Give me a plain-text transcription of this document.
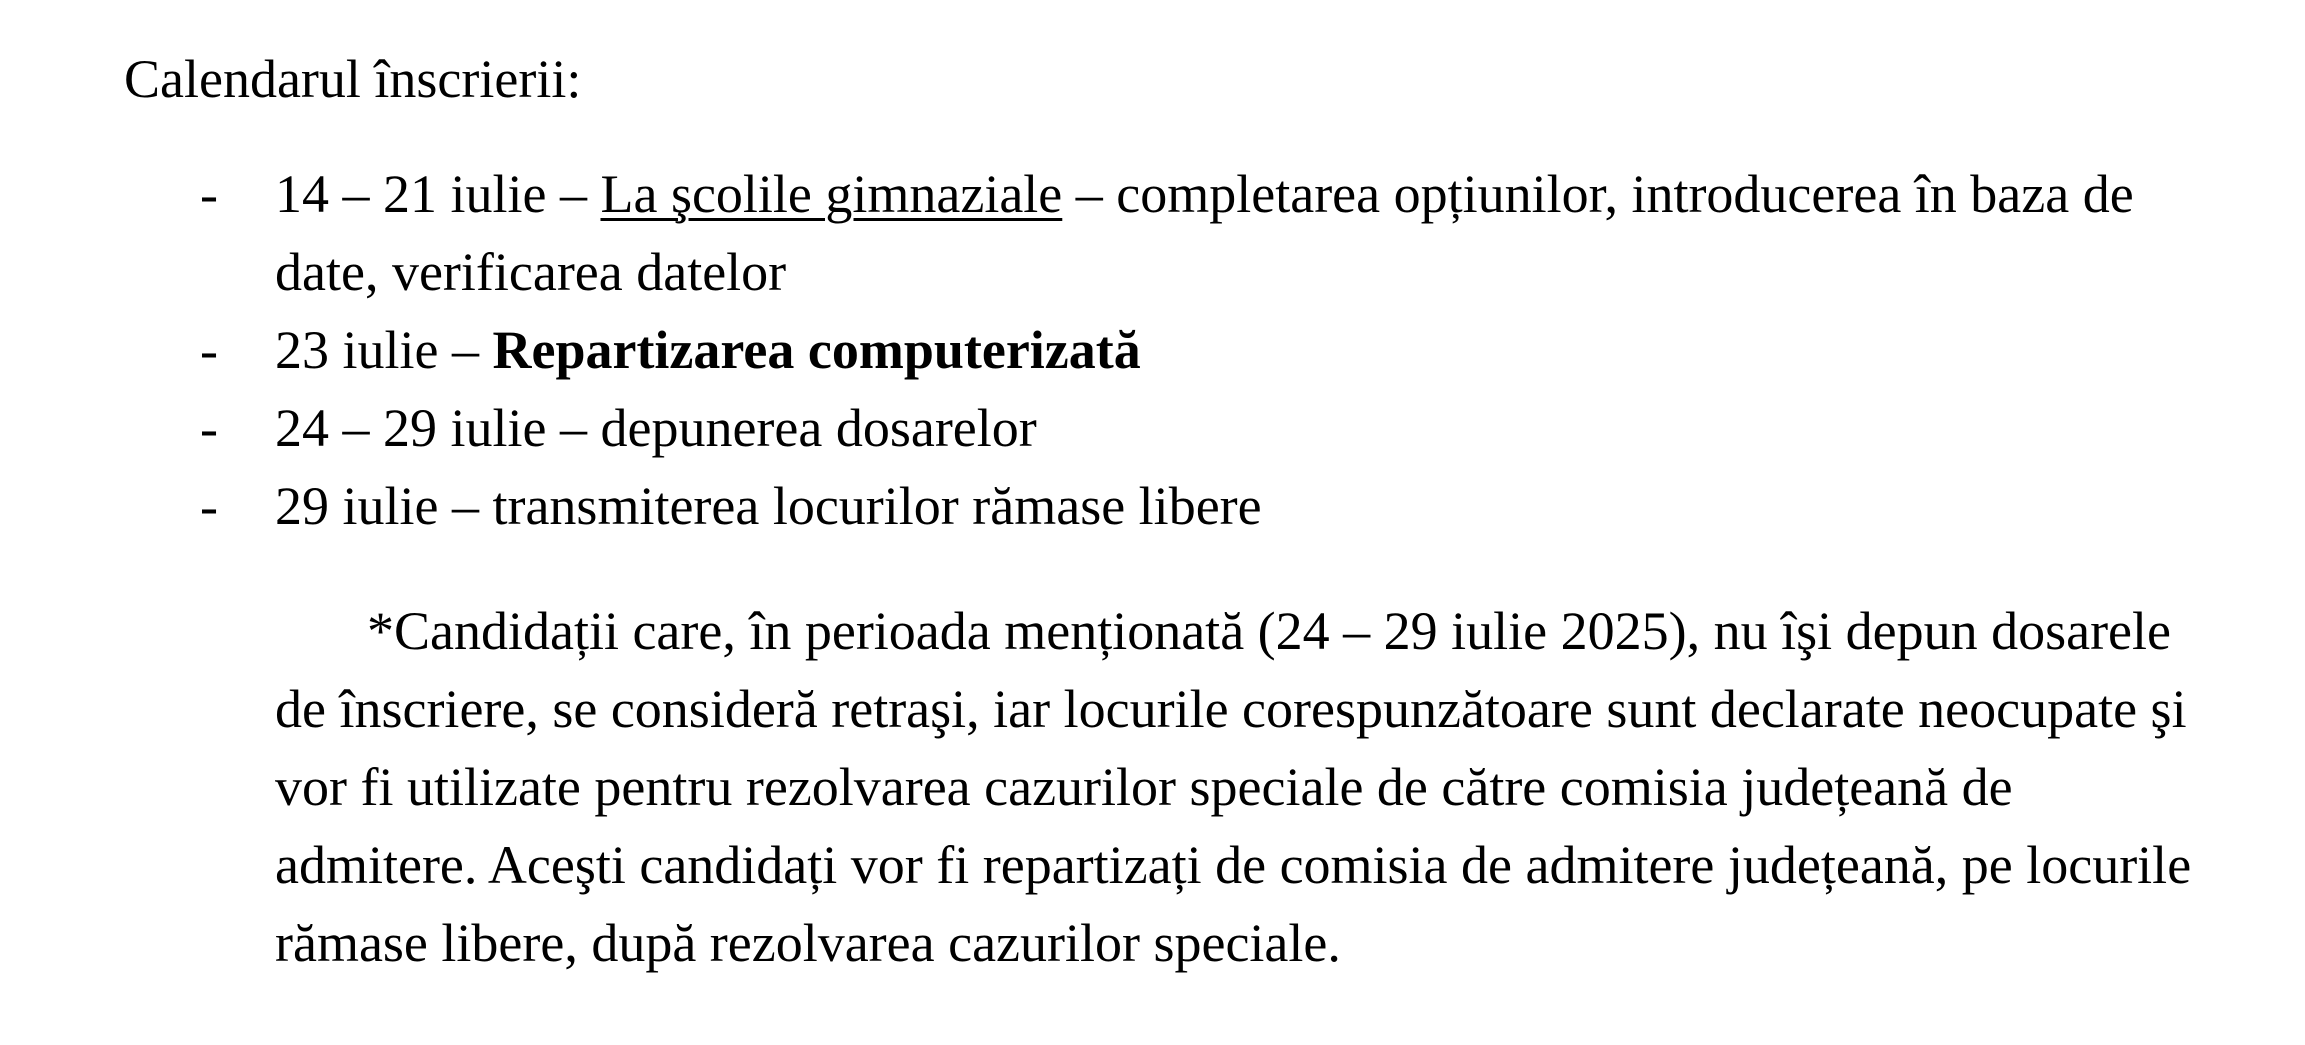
Calendarul înscrierii:
- 14 – 21 iulie – La şcolile gimnaziale – completarea opțiunilor, introducerea în baza de date, verificarea datelor
- 23 iulie – Repartizarea computerizată
- 24 – 29 iulie – depunerea dosarelor
- 29 iulie – transmiterea locurilor rămase libere

*Candidații care, în perioada menționată (24 – 29 iulie 2025), nu îşi depun dosarele de înscriere, se consideră retraşi, iar locurile corespunzătoare sunt declarate neocupate şi vor fi utilizate pentru rezolvarea cazurilor speciale de către comisia județeană de admitere. Aceşti candidați vor fi repartizați de comisia de admitere județeană, pe locurile rămase libere, după rezolvarea cazurilor speciale.
